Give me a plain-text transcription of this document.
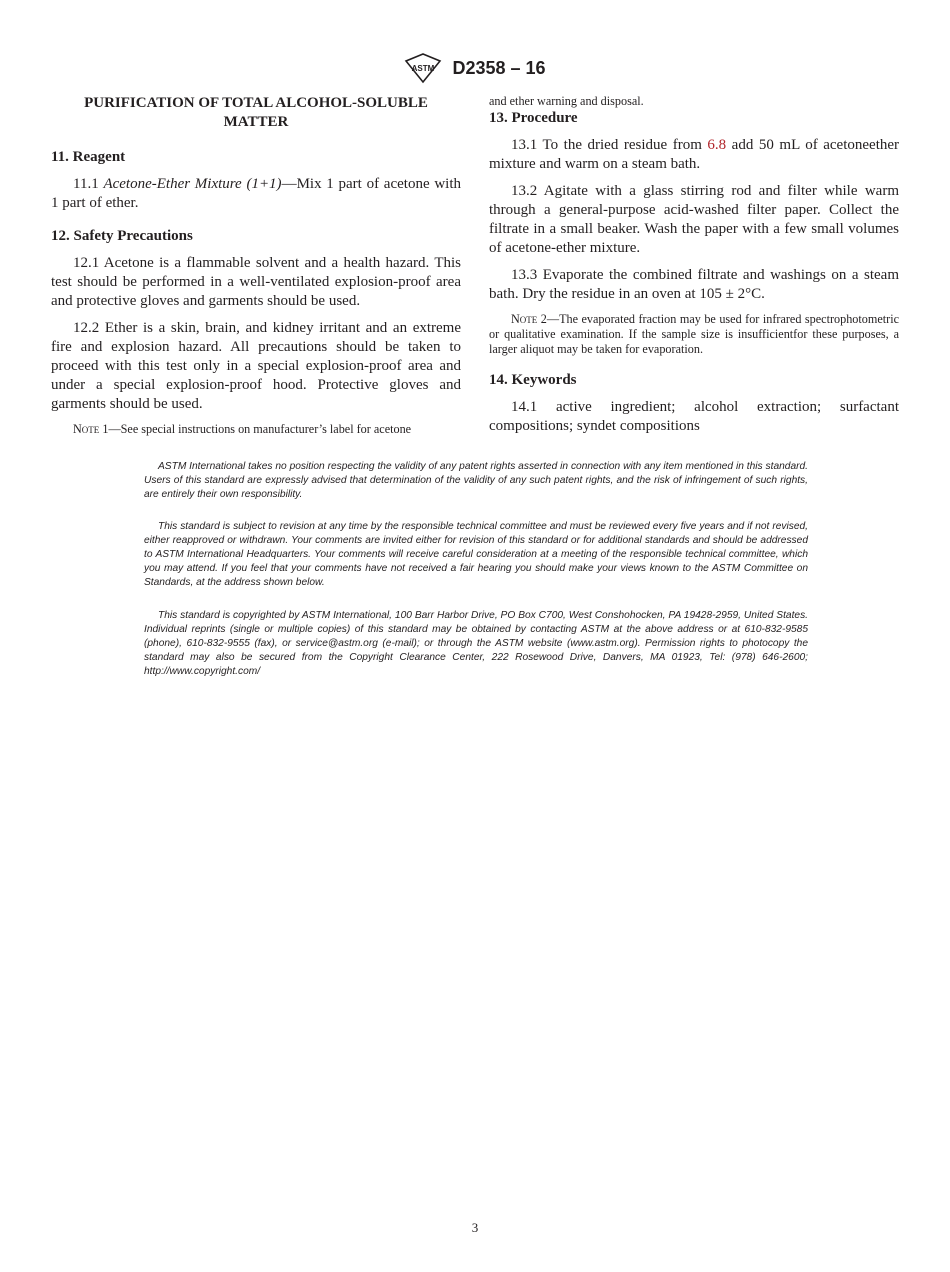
ASTM D2358 – 16
PURIFICATION OF TOTAL ALCOHOL-SOLUBLE MATTER
11. Reagent

11.1 Acetone-Ether Mixture (1+1)—Mix 1 part of acetone with 1 part of ether.

12. Safety Precautions

12.1 Acetone is a flammable solvent and a health hazard. This test should be performed in a well-ventilated explosion-proof area and protective gloves and garments should be used.

12.2 Ether is a skin, brain, and kidney irritant and an extreme fire and explosion hazard. All precautions should be taken to proceed with this test only in a special explosion-proof area and under a special explosion-proof hood. Protective gloves and garments should be used.

Note 1—See special instructions on manufacturer’s label for acetone

and ether warning and disposal.

13. Procedure

13.1 To the dried residue from 6.8 add 50 mL of acetoneether mixture and warm on a steam bath.

13.2 Agitate with a glass stirring rod and filter while warm through a general-purpose acid-washed filter paper. Collect the filtrate in a small beaker. Wash the paper with a few small volumes of acetone-ether mixture.

13.3 Evaporate the combined filtrate and washings on a steam bath. Dry the residue in an oven at 105 ± 2°C.

Note 2—The evaporated fraction may be used for infrared spectrophotometric or qualitative examination. If the sample size is insufficientfor these purposes, a larger aliquot may be taken for evaporation.

14. Keywords

14.1 active ingredient; alcohol extraction; surfactant compositions; syndet compositions

ASTM International takes no position respecting the validity of any patent rights asserted in connection with any item mentioned in this standard. Users of this standard are expressly advised that determination of the validity of any such patent rights, and the risk of infringement of such rights, are entirely their own responsibility.

This standard is subject to revision at any time by the responsible technical committee and must be reviewed every five years and if not revised, either reapproved or withdrawn. Your comments are invited either for revision of this standard or for additional standards and should be addressed to ASTM International Headquarters. Your comments will receive careful consideration at a meeting of the responsible technical committee, which you may attend. If you feel that your comments have not received a fair hearing you should make your views known to the ASTM Committee on Standards, at the address shown below.

This standard is copyrighted by ASTM International, 100 Barr Harbor Drive, PO Box C700, West Conshohocken, PA 19428-2959, United States. Individual reprints (single or multiple copies) of this standard may be obtained by contacting ASTM at the above address or at 610-832-9585 (phone), 610-832-9555 (fax), or service@astm.org (e-mail); or through the ASTM website (www.astm.org). Permission rights to photocopy the standard may also be secured from the Copyright Clearance Center, 222 Rosewood Drive, Danvers, MA 01923, Tel: (978) 646-2600; http://www.copyright.com/

3
